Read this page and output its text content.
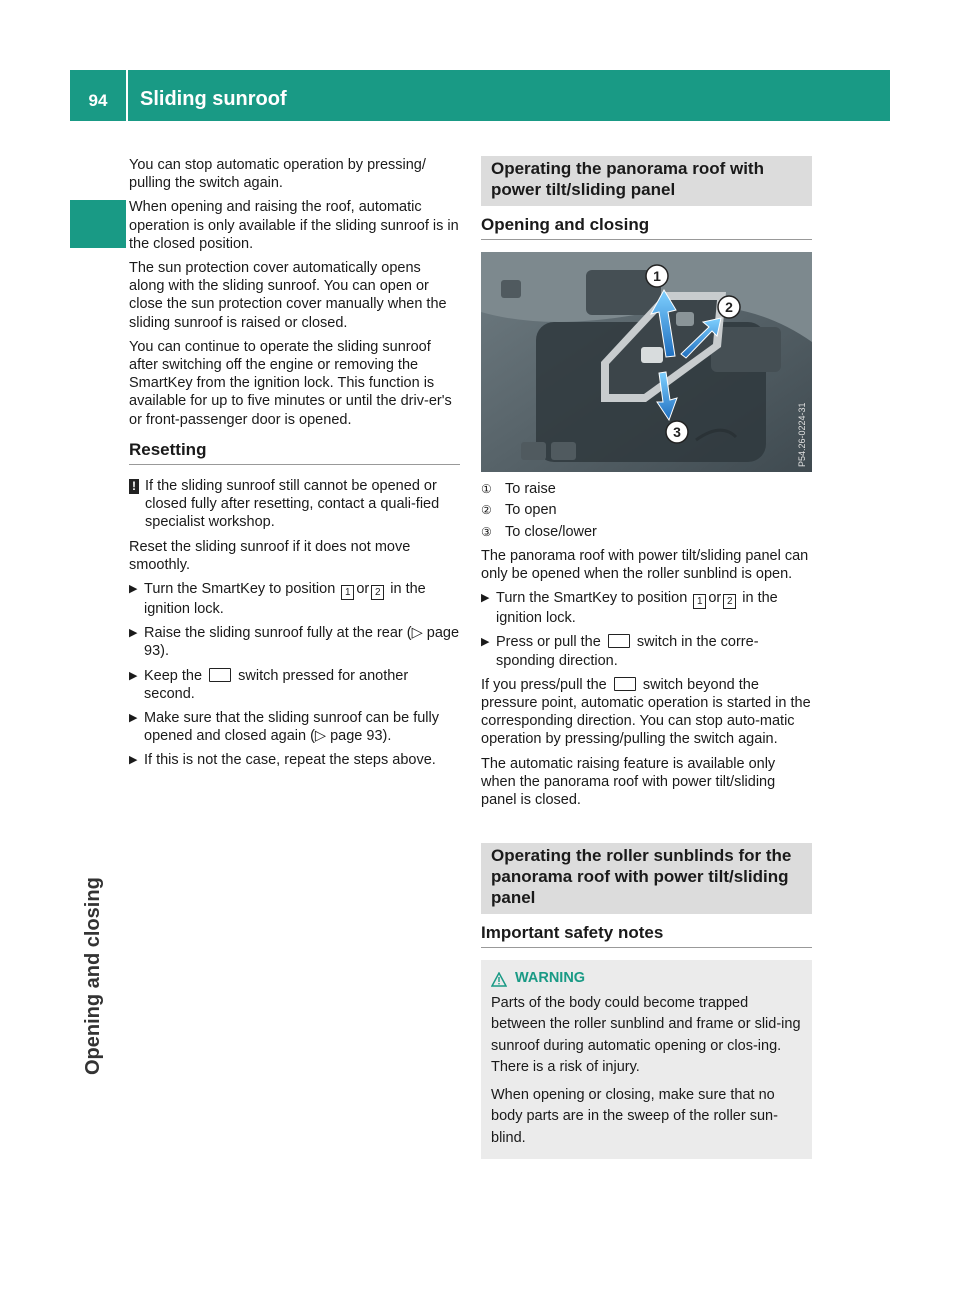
94	Sliding sunroof
Opening and closing

You can stop automatic operation by pressing/ pulling the switch again.

When opening and raising the roof, automatic operation is only available if the sliding sunroof is in the closed position.

The sun protection cover automatically opens along with the sliding sunroof. You can open or close the sun protection cover manually when the sliding sunroof is raised or closed.

You can continue to operate the sliding sunroof after switching off the engine or removing the SmartKey from the ignition lock. This function is available for up to five minutes or until the driv-er's or front-passenger door is opened.

Resetting
! If the sliding sunroof still cannot be opened or closed fully after resetting, contact a quali-fied specialist workshop.

Reset the sliding sunroof if it does not move smoothly.

▶ Turn the SmartKey to position 1 or 2 in the ignition lock.
▶ Raise the sliding sunroof fully at the rear (▷ page 93).
▶ Keep the switch pressed for another second.
▶ Make sure that the sliding sunroof can be fully opened and closed again (▷ page 93).
▶ If this is not the case, repeat the steps above.
Operating the panorama roof with power tilt/sliding panel
Opening and closing
1
2
3	P54.26-0224-31
① To raise
② To open
③ To close/lower

The panorama roof with power tilt/sliding panel can only be opened when the roller sunblind is open.

▶ Turn the SmartKey to position 1 or 2 in the ignition lock.
▶ Press or pull the switch in the corre-sponding direction.

If you press/pull the switch beyond the pressure point, automatic operation is started in the corresponding direction. You can stop auto-matic operation by pressing/pulling the switch again.

The automatic raising feature is available only when the panorama roof with power tilt/sliding panel is closed.

Operating the roller sunblinds for the panorama roof with power tilt/sliding panel
Important safety notes
WARNING

Parts of the body could become trapped between the roller sunblind and frame or slid-ing sunroof during automatic opening or clos-ing. There is a risk of injury.

When opening or closing, make sure that no body parts are in the sweep of the roller sun-blind.
